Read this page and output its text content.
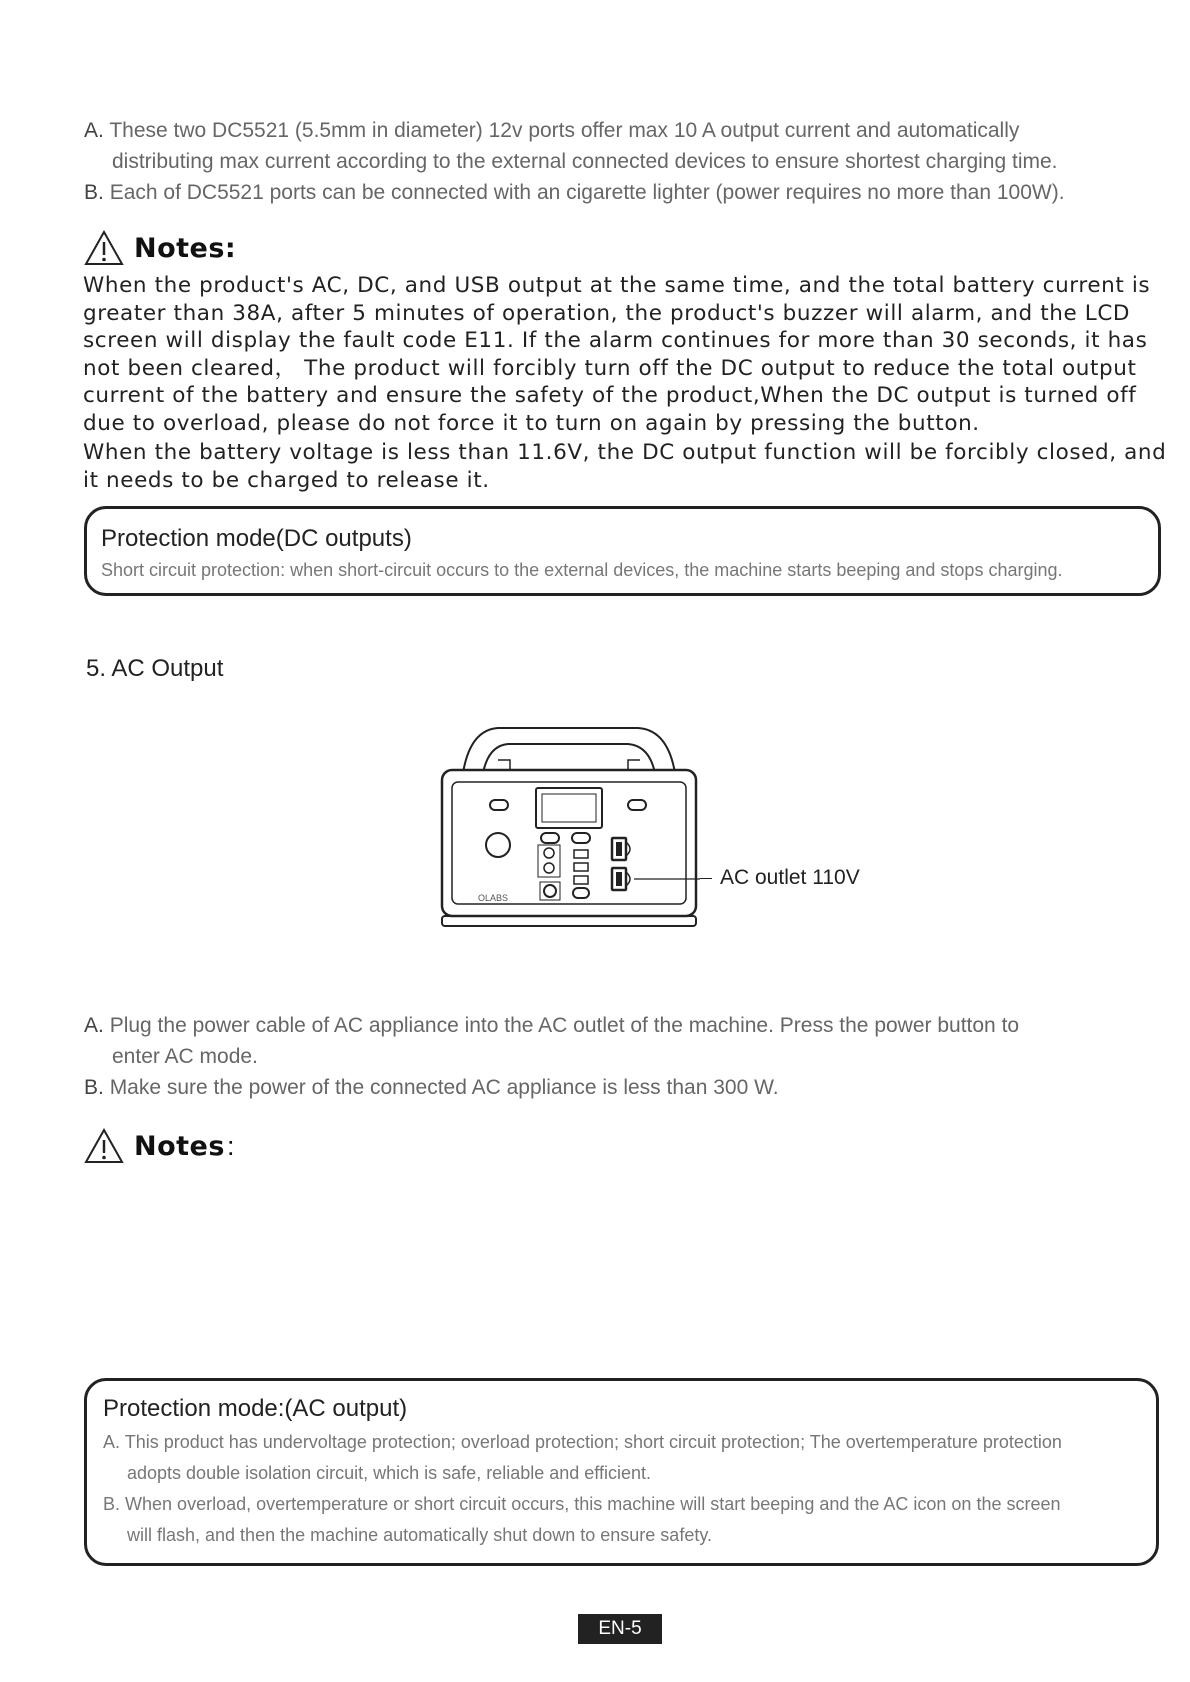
A. These two DC5521 (5.5mm in diameter) 12v ports offer max 10 A output current and automatically
distributing max current according to the external connected devices to ensure shortest charging time.
B. Each of DC5521 ports can be connected with an cigarette lighter (power requires no more than 100W).
Notes:

When the product's AC, DC, and USB output at the same time, and the total battery current is greater than 38A, after 5 minutes of operation, the product's buzzer will alarm, and the LCD screen will display the fault code E11. If the alarm continues for more than 30 seconds, it has not been cleared， The product will forcibly turn off the DC output to reduce the total output current of the battery and ensure the safety of the product,When the DC output is turned off due to overload, please do not force it to turn on again by pressing the button.

When the battery voltage is less than 11.6V, the DC output function will be forcibly closed, and it needs to be charged to release it.

Protection mode(DC outputs)
Short circuit protection: when short-circuit occurs to the external devices, the machine starts beeping and stops charging.
5. AC Output
OLABS
AC outlet 110V
A. Plug the power cable of AC appliance into the AC outlet of the machine. Press the power button to
enter AC mode.
B. Make sure the power of the connected AC appliance is less than 300 W.
Notes :
Protection mode:(AC output)
A. This product has undervoltage protection; overload protection; short circuit protection; The overtemperature protection
adopts double isolation circuit, which is safe, reliable and efficient.
B. When overload, overtemperature or short circuit occurs, this machine will start beeping and the AC icon on the screen
will flash, and then the machine automatically shut down to ensure safety.
EN-5
